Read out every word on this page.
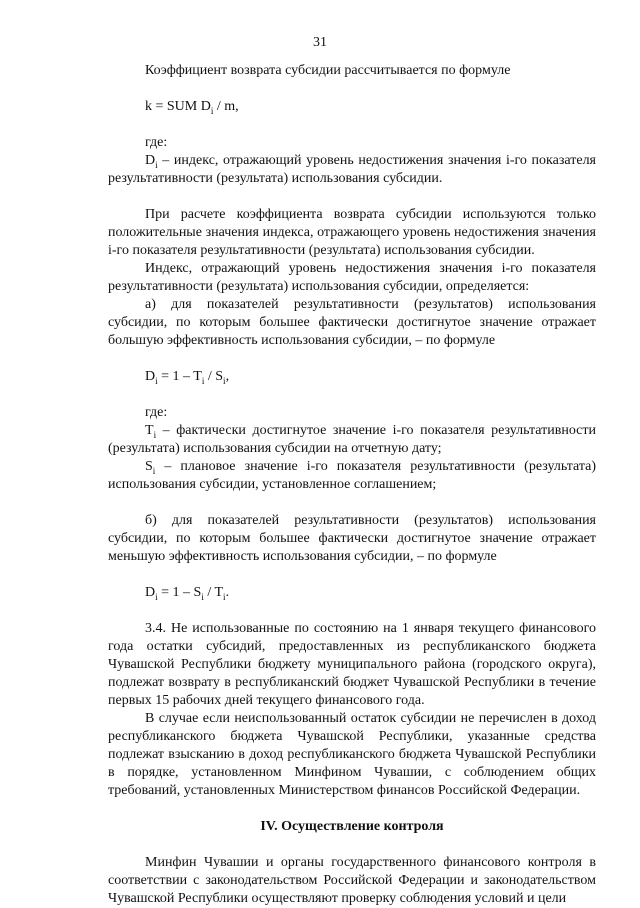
31

Коэффициент возврата субсидии рассчитывается по формуле

k = SUM $D_i$ / m,

где:

$D_i$ – индекс, отражающий уровень недостижения значения i-го показателя результативности (результата) использования субсидии.

При расчете коэффициента возврата субсидии используются только положительные значения индекса, отражающего уровень недостижения значения i-го показателя результативности (результата) использования субсидии.

Индекс, отражающий уровень недостижения значения i-го показателя результативности (результата) использования субсидии, определяется:

а) для показателей результативности (результатов) использования субсидии, по которым большее фактически достигнутое значение отражает большую эффективность использования субсидии, – по формуле

$D_i = 1 - T_i / S_i$,

где:

$T_i$ – фактически достигнутое значение i-го показателя результативности (результата) использования субсидии на отчетную дату;

$S_i$ – плановое значение i-го показателя результативности (результата) использования субсидии, установленное соглашением;

б) для показателей результативности (результатов) использования субсидии, по которым большее фактически достигнутое значение отражает меньшую эффективность использования субсидии, – по формуле

$D_i = 1 - S_i / T_i$.

3.4. Не использованные по состоянию на 1 января текущего финансового года остатки субсидий, предоставленных из республиканского бюджета Чувашской Республики бюджету муниципального района (городского округа), подлежат возврату в республиканский бюджет Чувашской Республики в течение первых 15 рабочих дней текущего финансового года.

В случае если неиспользованный остаток субсидии не перечислен в доход республиканского бюджета Чувашской Республики, указанные средства подлежат взысканию в доход республиканского бюджета Чувашской Республики в порядке, установленном Минфином Чувашии, с соблюдением общих требований, установленных Министерством финансов Российской Федерации.

IV. Осуществление контроля

Минфин Чувашии и органы государственного финансового контроля в соответствии с законодательством Российской Федерации и законодательством Чувашской Республики осуществляют проверку соблюдения условий и цели
